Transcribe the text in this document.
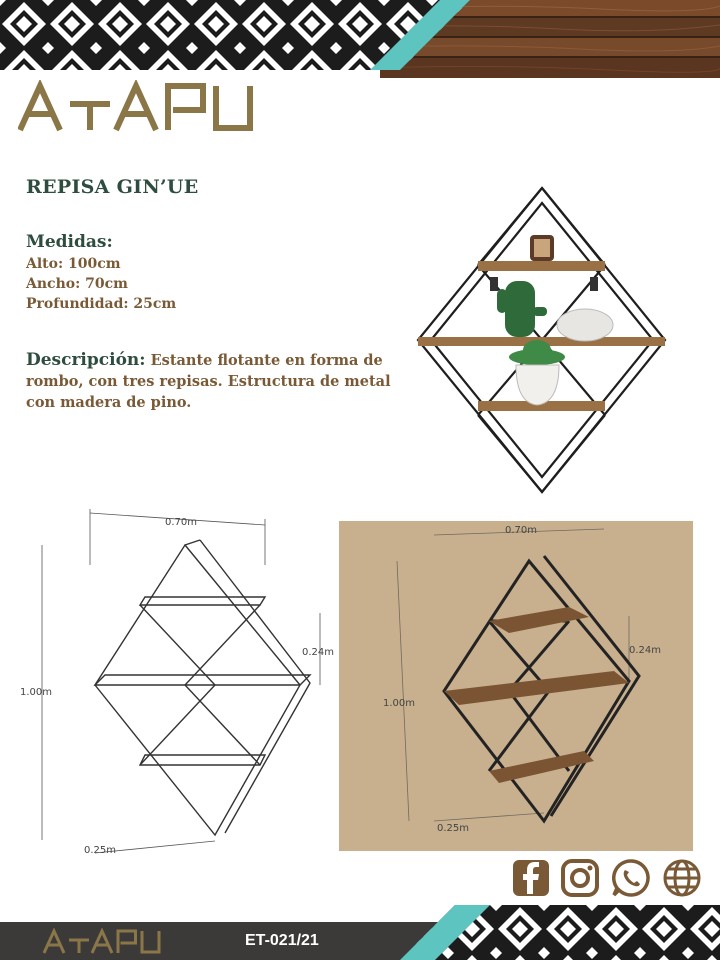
REPISA GIN’UE
Medidas:
Alto: 100cm
Ancho: 70cm
Profundidad: 25cm
Descripción: Estante flotante en forma de rombo, con tres repisas. Estructura de metal con madera de pino.
0.70m
1.00m
0.24m
0.25m
0.70m
1.00m
0.24m
0.25m
ET-021/21
